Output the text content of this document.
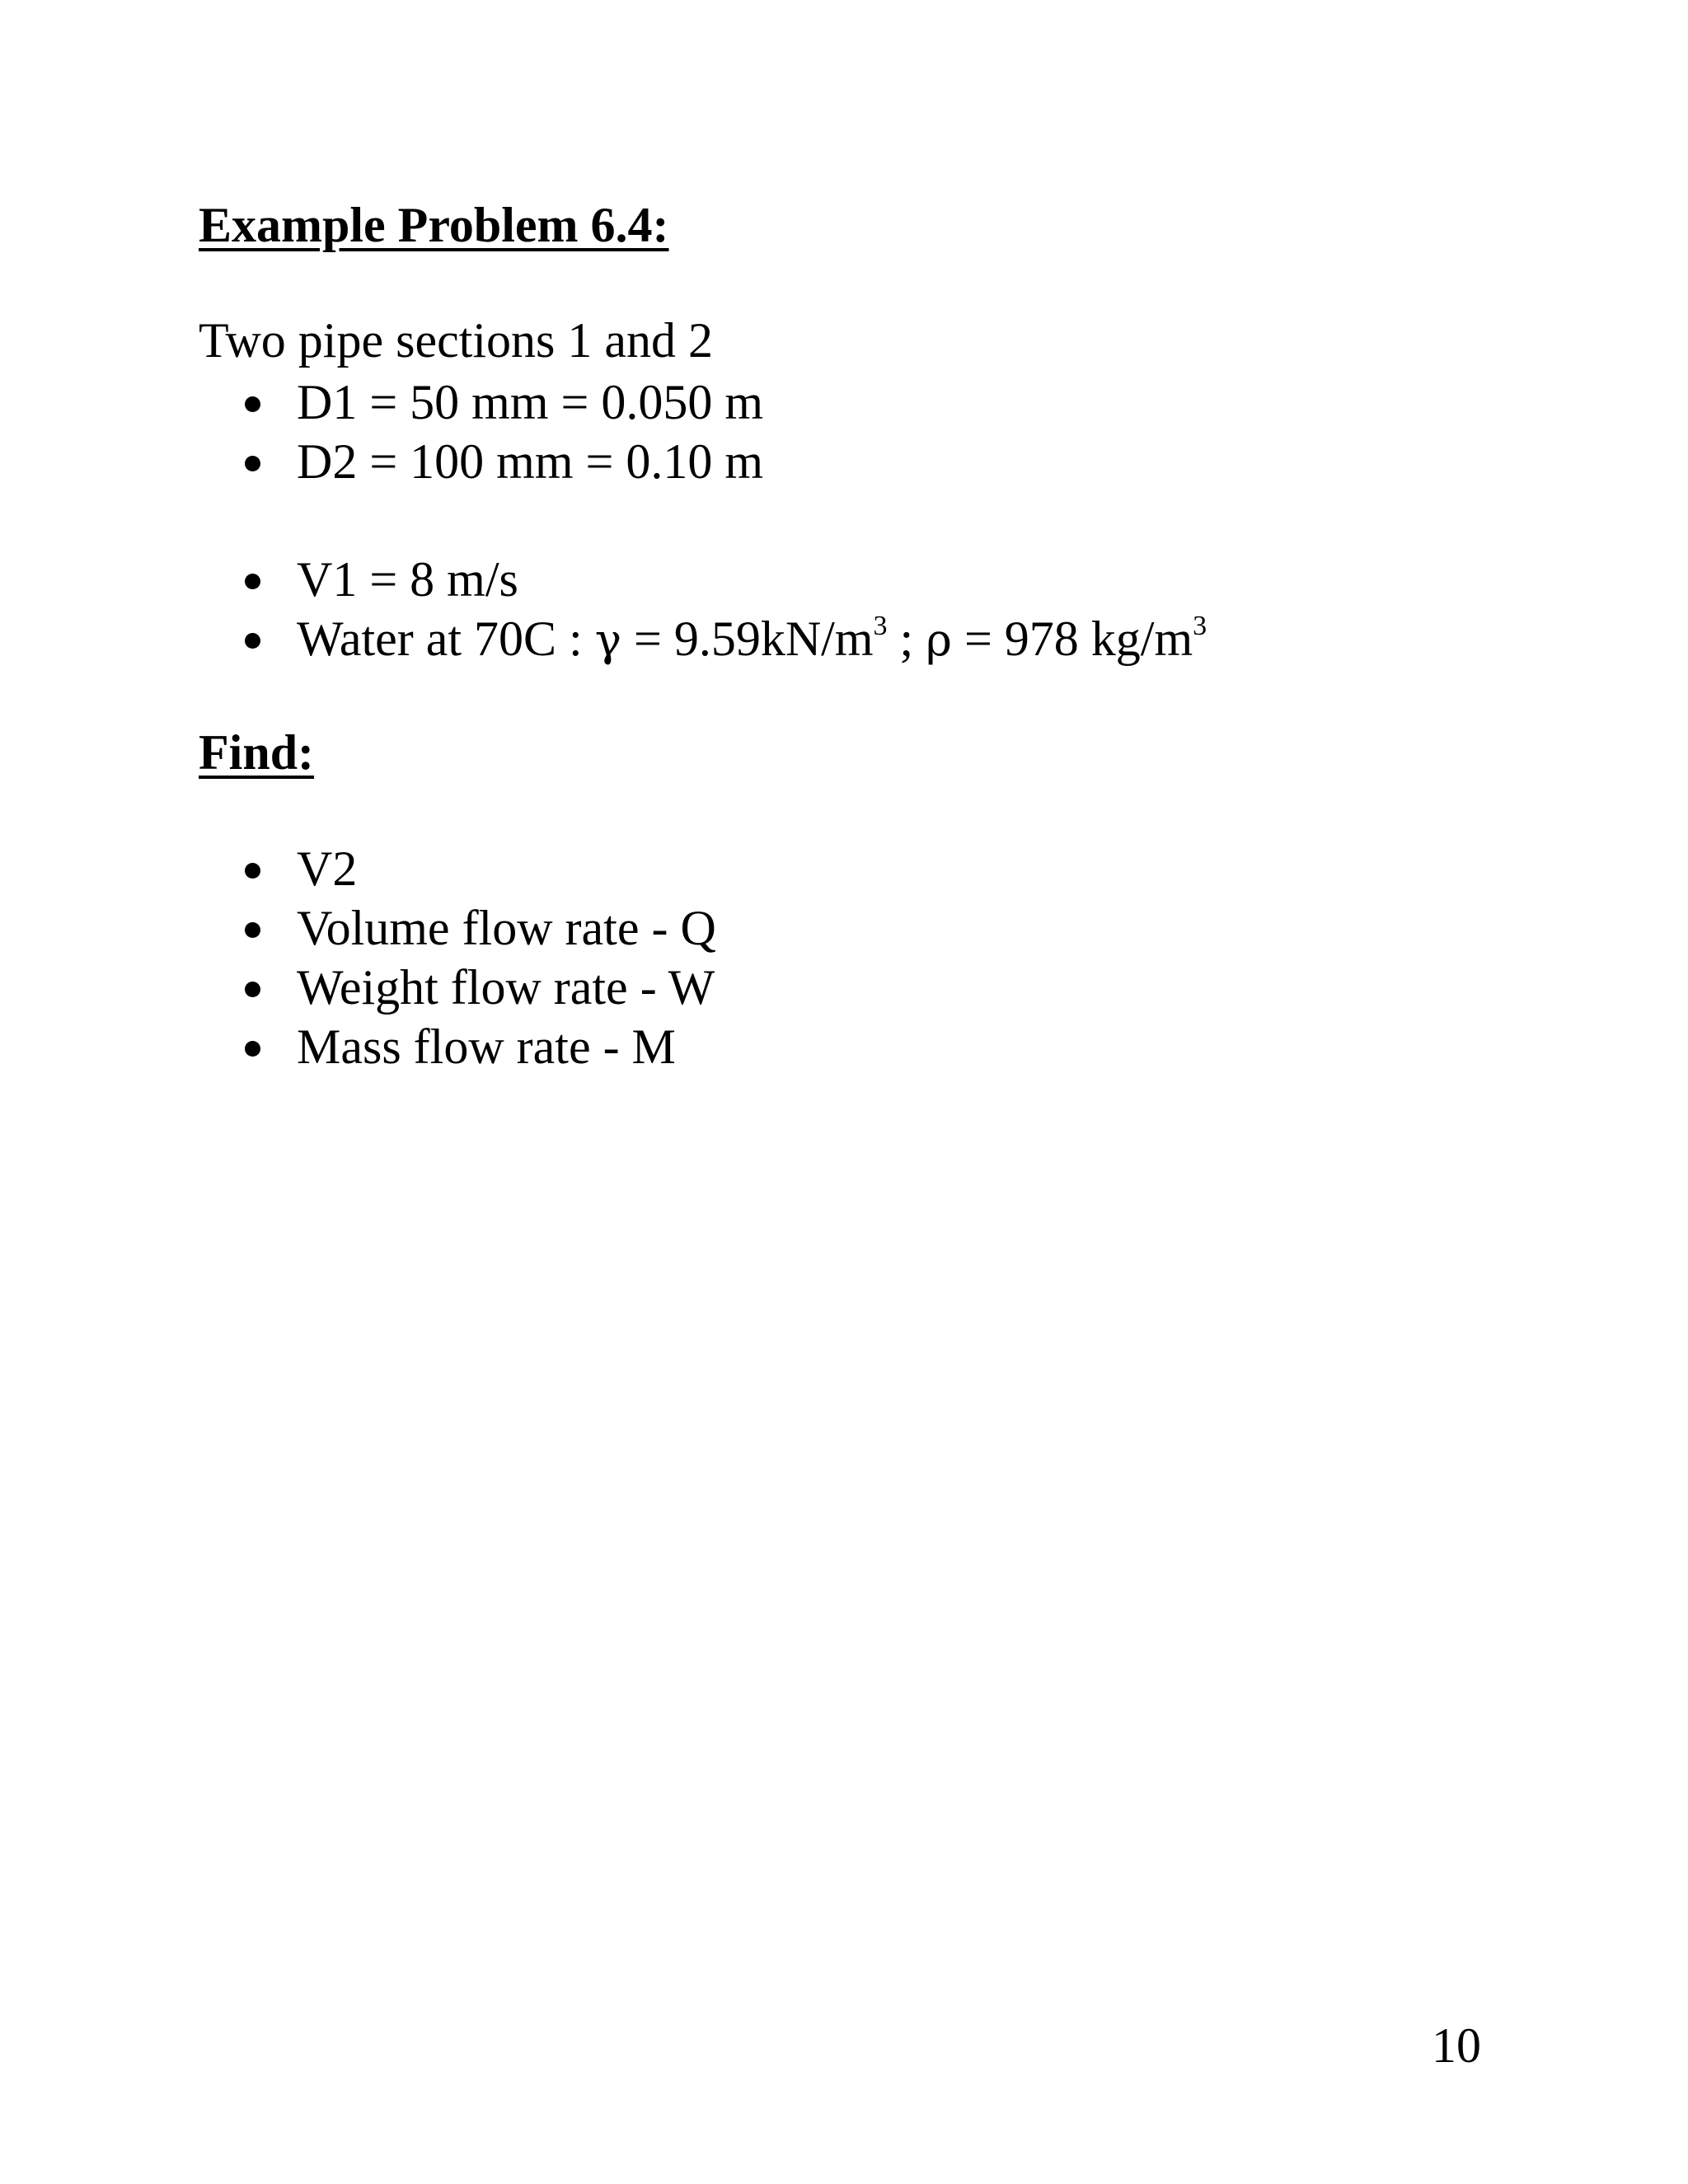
Example Problem 6.4:
Two pipe sections 1 and 2
D1 = 50 mm = 0.050 m
D2 = 100 mm = 0.10 m
V1 = 8 m/s
Water at 70C : $\gamma = 9.59kN/m^3$ ; ρ = 978 $kg/m^3$
Find:
V2
Volume flow rate - Q
Weight flow rate - W
Mass flow rate - M
10
